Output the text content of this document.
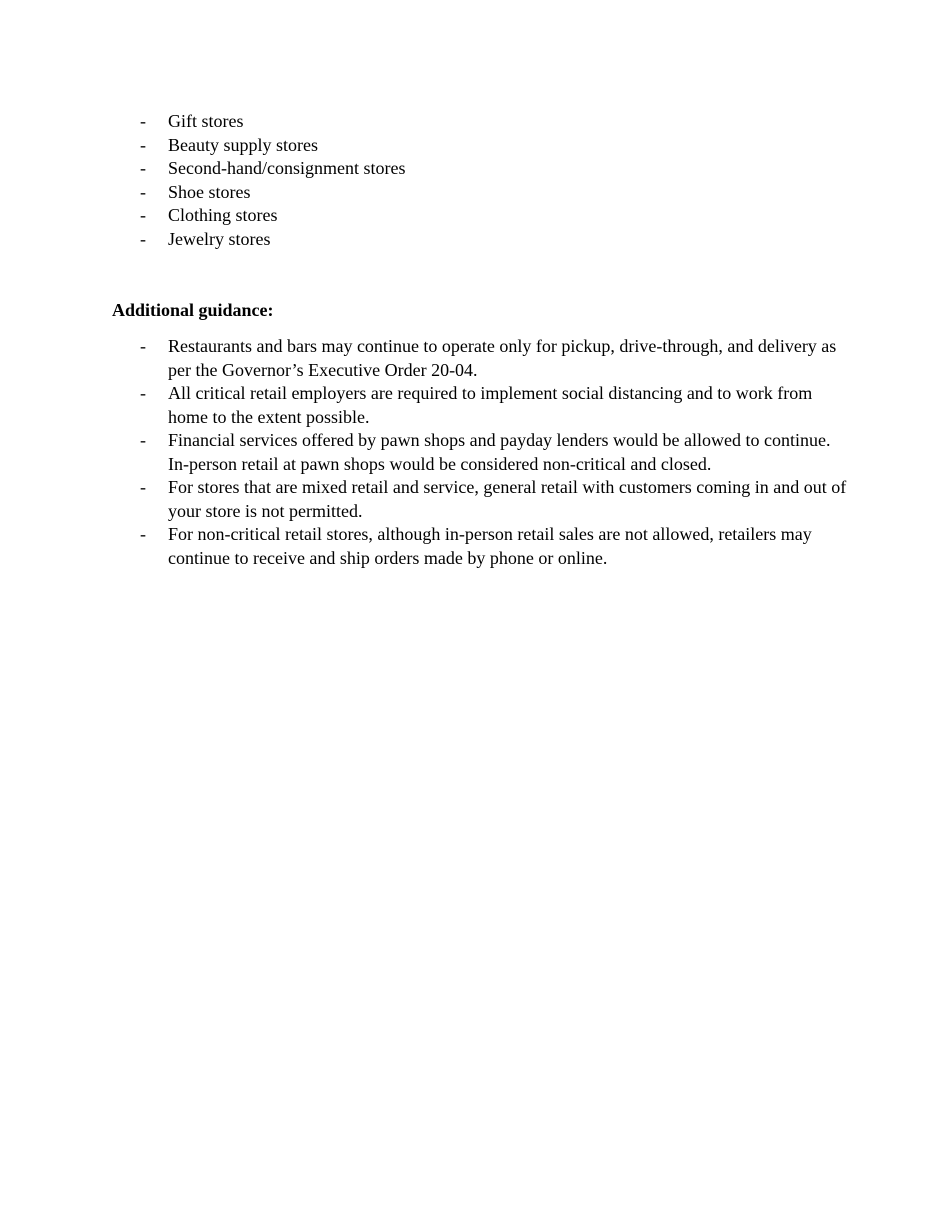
-	Gift stores
-	Beauty supply stores
-	Second-hand/consignment stores
-	Shoe stores
-	Clothing stores
-	Jewelry stores
Additional guidance:
-	Restaurants and bars may continue to operate only for pickup, drive-through, and delivery as per the Governor’s Executive Order 20-04.
-	All critical retail employers are required to implement social distancing and to work from home to the extent possible.
-	Financial services offered by pawn shops and payday lenders would be allowed to continue. In-person retail at pawn shops would be considered non-critical and closed.
-	For stores that are mixed retail and service, general retail with customers coming in and out of your store is not permitted.
-	For non-critical retail stores, although in-person retail sales are not allowed, retailers may continue to receive and ship orders made by phone or online.
